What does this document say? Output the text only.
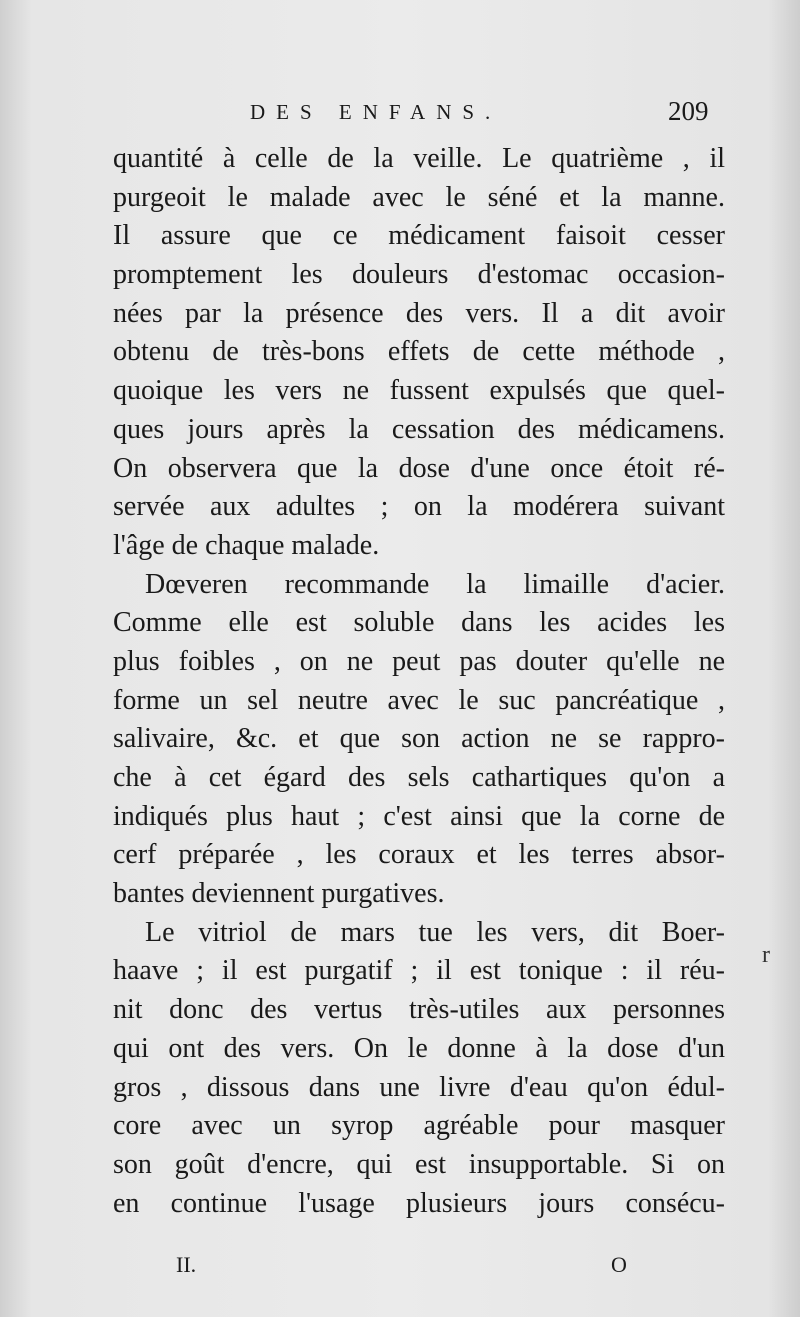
DES ENFANS.	209
quantité à celle de la veille. Le quatrième , il
purgeoit le malade avec le séné et la manne.
Il assure que ce médicament faisoit cesser
promptement les douleurs d'estomac occasion-
nées par la présence des vers. Il a dit avoir
obtenu de très-bons effets de cette méthode ,
quoique les vers ne fussent expulsés que quel-
ques jours après la cessation des médicamens.
On observera que la dose d'une once étoit ré-
servée aux adultes ; on la modérera suivant
l'âge de chaque malade.
Dœveren recommande la limaille d'acier.
Comme elle est soluble dans les acides les
plus foibles , on ne peut pas douter qu'elle ne
forme un sel neutre avec le suc pancréatique ,
salivaire, &c. et que son action ne se rappro-
che à cet égard des sels cathartiques qu'on a
indiqués plus haut ; c'est ainsi que la corne de
cerf préparée , les coraux et les terres absor-
bantes deviennent purgatives.
Le vitriol de mars tue les vers, dit Boer-
haave ; il est purgatif ; il est tonique : il réu-
nit donc des vertus très-utiles aux personnes
qui ont des vers. On le donne à la dose d'un
gros , dissous dans une livre d'eau qu'on édul-
core avec un syrop agréable pour masquer
son goût d'encre, qui est insupportable. Si on
en continue l'usage plusieurs jours consécu-
r
II.	O
